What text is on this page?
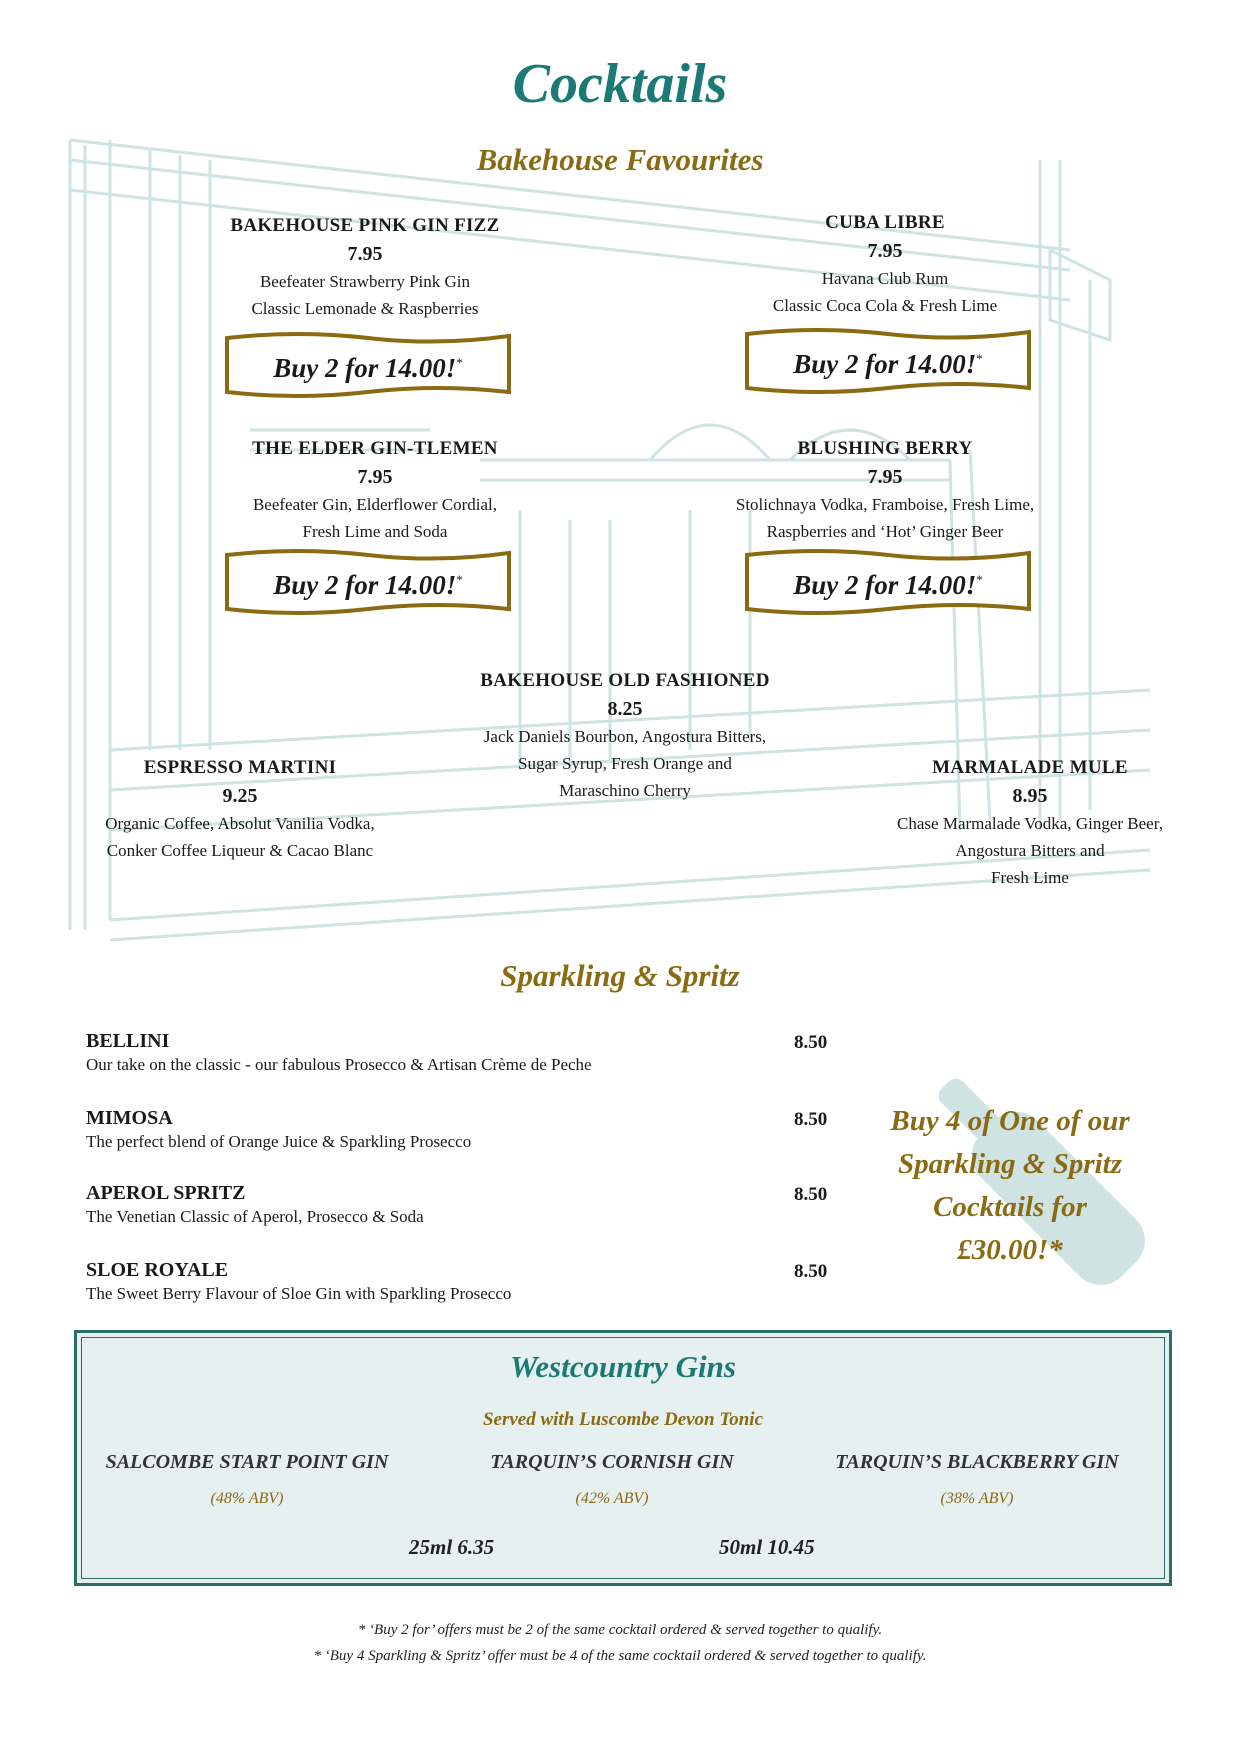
Cocktails
Bakehouse Favourites
BAKEHOUSE PINK GIN FIZZ
7.95
Beefeater Strawberry Pink Gin
Classic Lemonade & Raspberries
Buy 2 for 14.00!*
CUBA LIBRE
7.95
Havana Club Rum
Classic Coca Cola & Fresh Lime
Buy 2 for 14.00!*
THE ELDER GIN-TLEMEN
7.95
Beefeater Gin, Elderflower Cordial,
Fresh Lime and Soda
Buy 2 for 14.00!*
BLUSHING BERRY
7.95
Stolichnaya Vodka, Framboise, Fresh Lime,
Raspberries and ‘Hot’ Ginger Beer
Buy 2 for 14.00!*
BAKEHOUSE OLD FASHIONED
8.25
Jack Daniels Bourbon, Angostura Bitters,
Sugar Syrup, Fresh Orange and
Maraschino Cherry
ESPRESSO MARTINI
9.25
Organic Coffee, Absolut Vanilia Vodka,
Conker Coffee Liqueur & Cacao Blanc
MARMALADE MULE
8.95
Chase Marmalade Vodka, Ginger Beer,
Angostura Bitters and
Fresh Lime
Sparkling & Spritz
BELLINI
Our take on the classic - our fabulous Prosecco & Artisan Crème de Peche
8.50
MIMOSA
The perfect blend of Orange Juice & Sparkling Prosecco
8.50
APEROL SPRITZ
The Venetian Classic of Aperol, Prosecco & Soda
8.50
SLOE ROYALE
The Sweet Berry Flavour of Sloe Gin with Sparkling Prosecco
8.50
Buy 4 of One of our
Sparkling & Spritz
Cocktails for
£30.00!*
Westcountry Gins
Served with Luscombe Devon Tonic
SALCOMBE START POINT GIN
(48% ABV)
TARQUIN’S CORNISH GIN
(42% ABV)
TARQUIN’S BLACKBERRY GIN
(38% ABV)
25ml 6.35	50ml 10.45
* ‘Buy 2 for’ offers must be 2 of the same cocktail ordered & served together to qualify.
* ‘Buy 4 Sparkling & Spritz’ offer must be 4 of the same cocktail ordered & served together to qualify.
